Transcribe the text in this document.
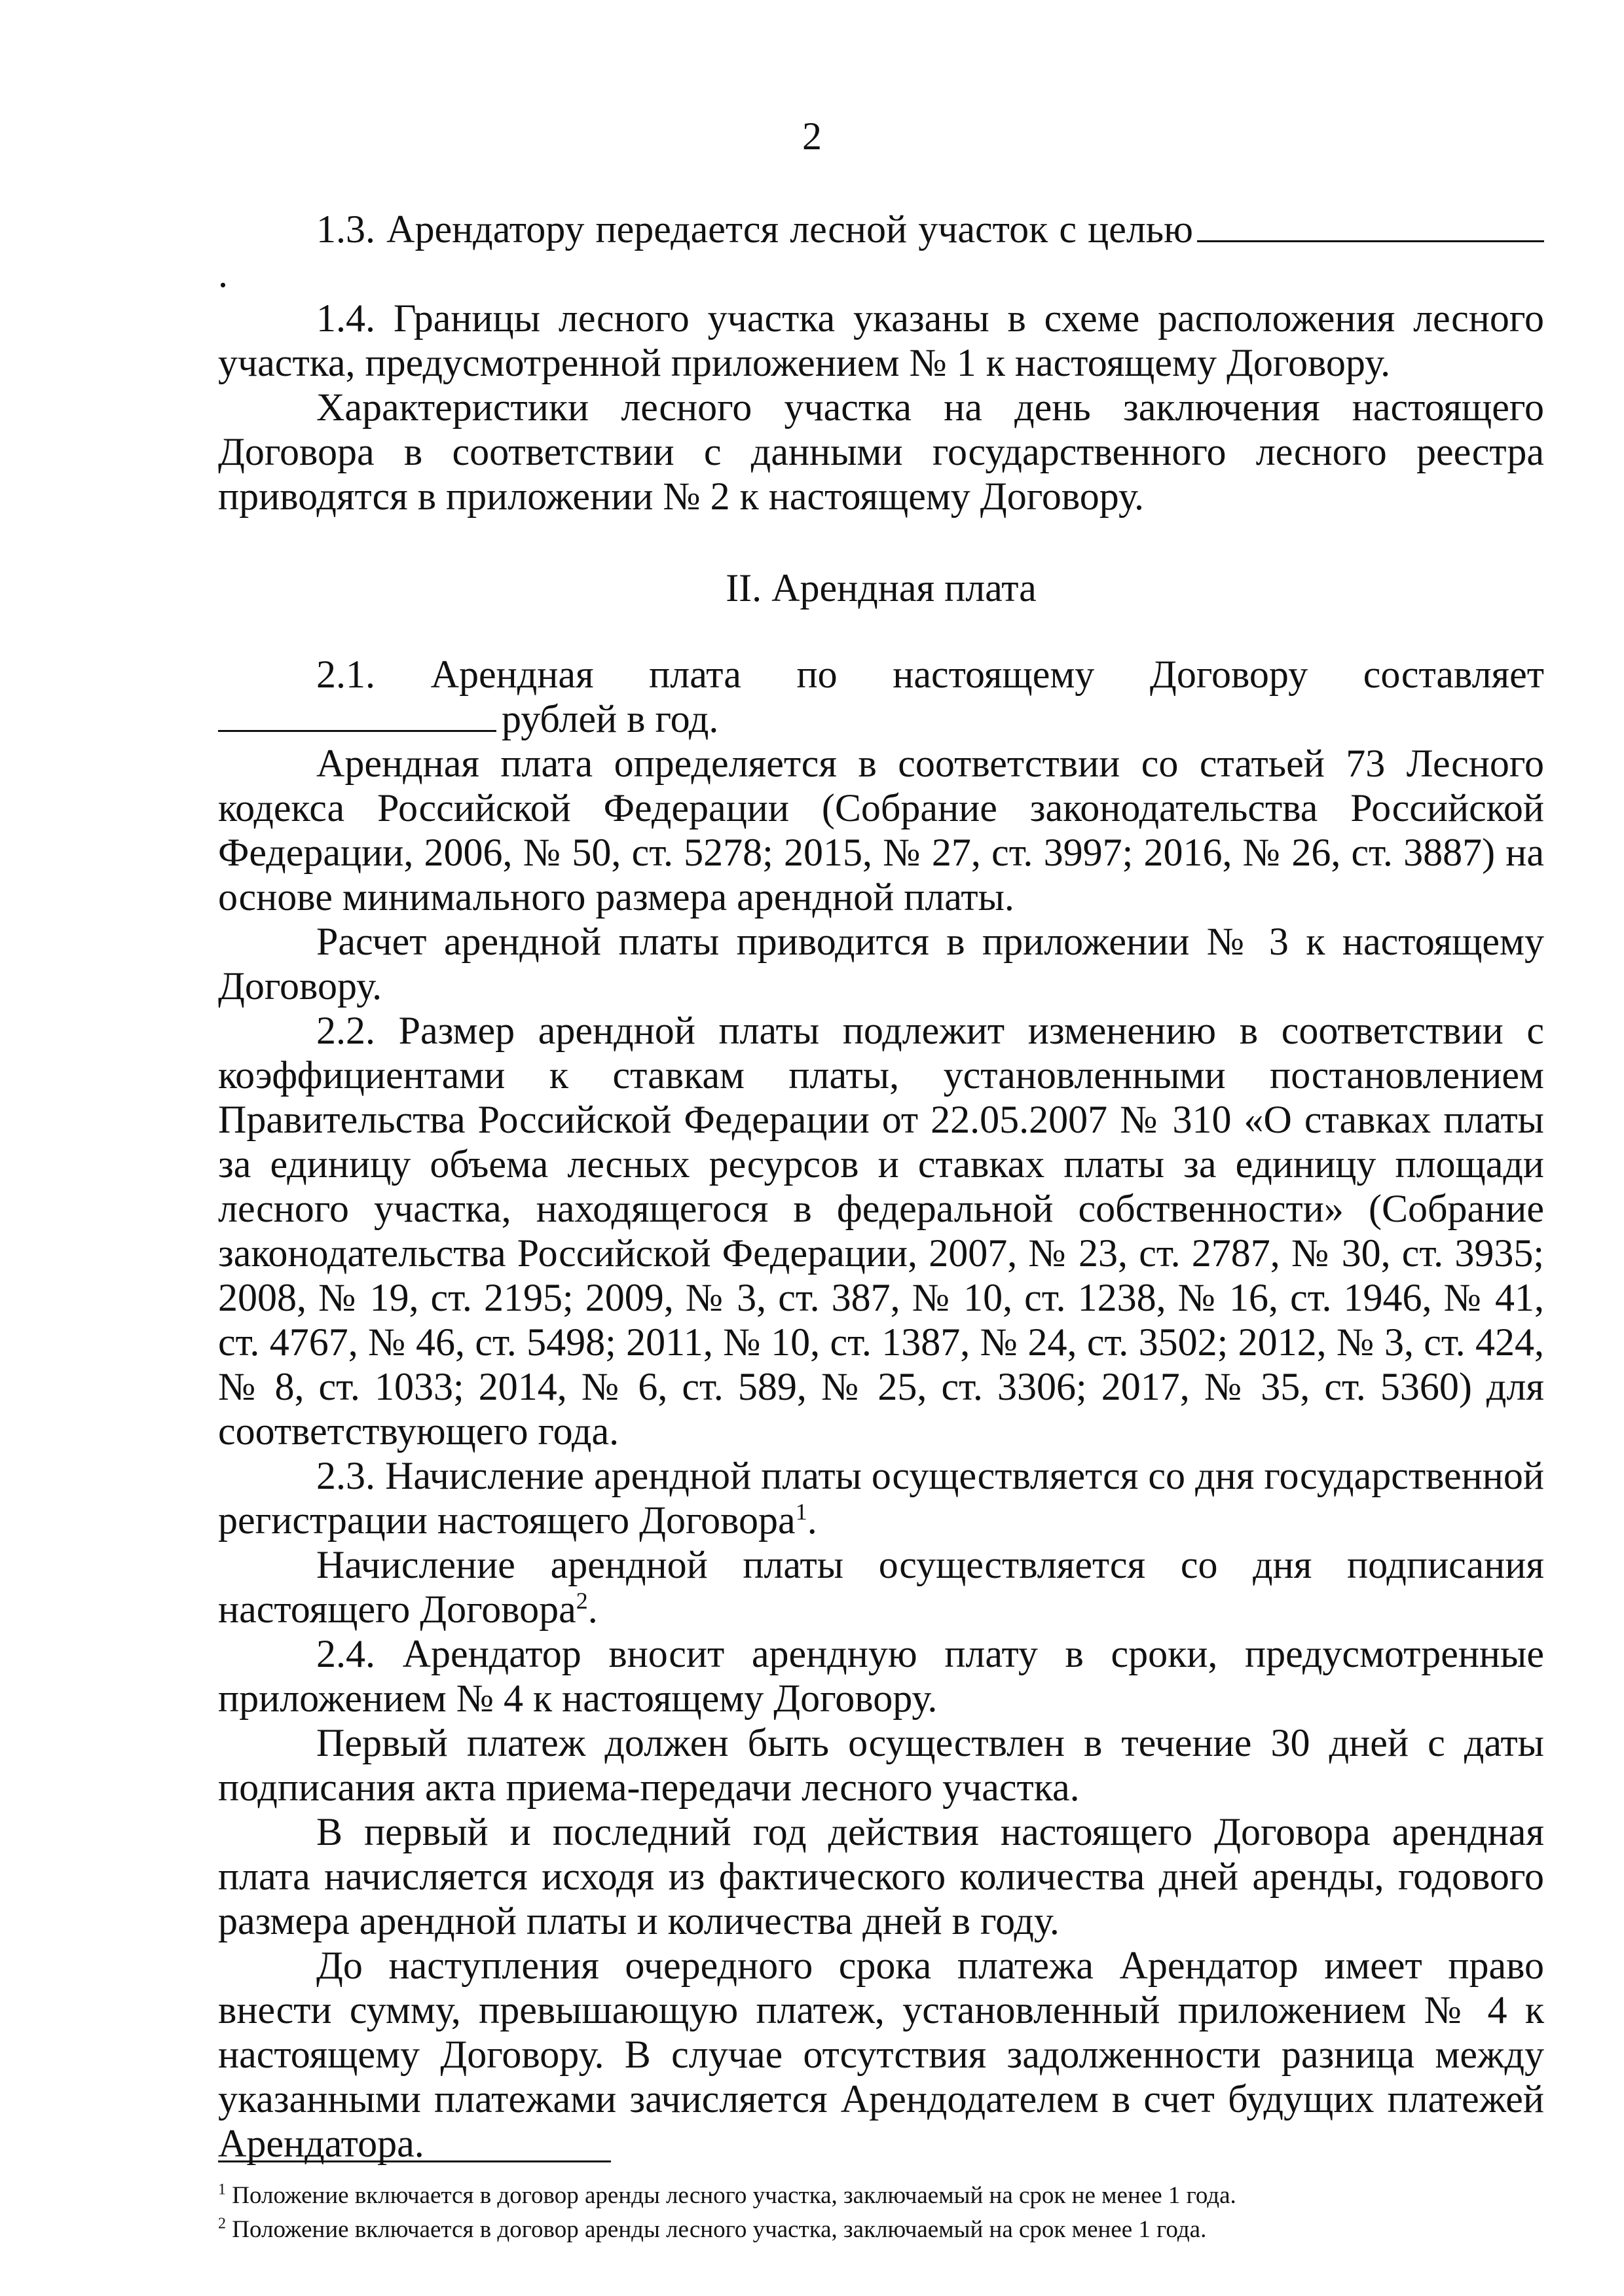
2

1.3. Арендатору передается лесной участок с целью.

1.4. Границы лесного участка указаны в схеме расположения лесного участка, предусмотренной приложением № 1 к настоящему Договору.

Характеристики лесного участка на день заключения настоящего Договора в соответствии с данными государственного лесного реестра приводятся в приложении № 2 к настоящему Договору.

II. Арендная плата

2.1. Арендная плата по настоящему Договору составляет

рублей в год.

Арендная плата определяется в соответствии со статьей 73 Лесного кодекса Российской Федерации (Собрание законодательства Российской Федерации, 2006, № 50, ст. 5278; 2015, № 27, ст. 3997; 2016, № 26, ст. 3887) на основе минимального размера арендной платы.

Расчет арендной платы приводится в приложении № 3 к настоящему Договору.

2.2. Размер арендной платы подлежит изменению в соответствии с коэффициентами к ставкам платы, установленными постановлением Правительства Российской Федерации от 22.05.2007 № 310 «О ставках платы за единицу объема лесных ресурсов и ставках платы за единицу площади лесного участка, находящегося в федеральной собственности» (Собрание законодательства Российской Федерации, 2007, № 23, ст. 2787, № 30, ст. 3935; 2008, № 19, ст. 2195; 2009, № 3, ст. 387, № 10, ст. 1238, № 16, ст. 1946, № 41, ст. 4767, № 46, ст. 5498; 2011, № 10, ст. 1387, № 24, ст. 3502; 2012, № 3, ст. 424, № 8, ст. 1033; 2014, № 6, ст. 589, № 25, ст. 3306; 2017, № 35, ст. 5360) для соответствующего года.

2.3. Начисление арендной платы осуществляется со дня государственной регистрации настоящего Договора$^1$.

Начисление арендной платы осуществляется со дня подписания настоящего Договора$^2$.

2.4. Арендатор вносит арендную плату в сроки, предусмотренные приложением № 4 к настоящему Договору.

Первый платеж должен быть осуществлен в течение 30 дней с даты подписания акта приема-передачи лесного участка.

В первый и последний год действия настоящего Договора арендная плата начисляется исходя из фактического количества дней аренды, годового размера арендной платы и количества дней в году.

До наступления очередного срока платежа Арендатор имеет право внести сумму, превышающую платеж, установленный приложением № 4 к настоящему Договору. В случае отсутствия задолженности разница между указанными платежами зачисляется Арендодателем в счет будущих платежей Арендатора.

$^1$ Положение включается в договор аренды лесного участка, заключаемый на срок не менее 1 года.
$^2$ Положение включается в договор аренды лесного участка, заключаемый на срок менее 1 года.
